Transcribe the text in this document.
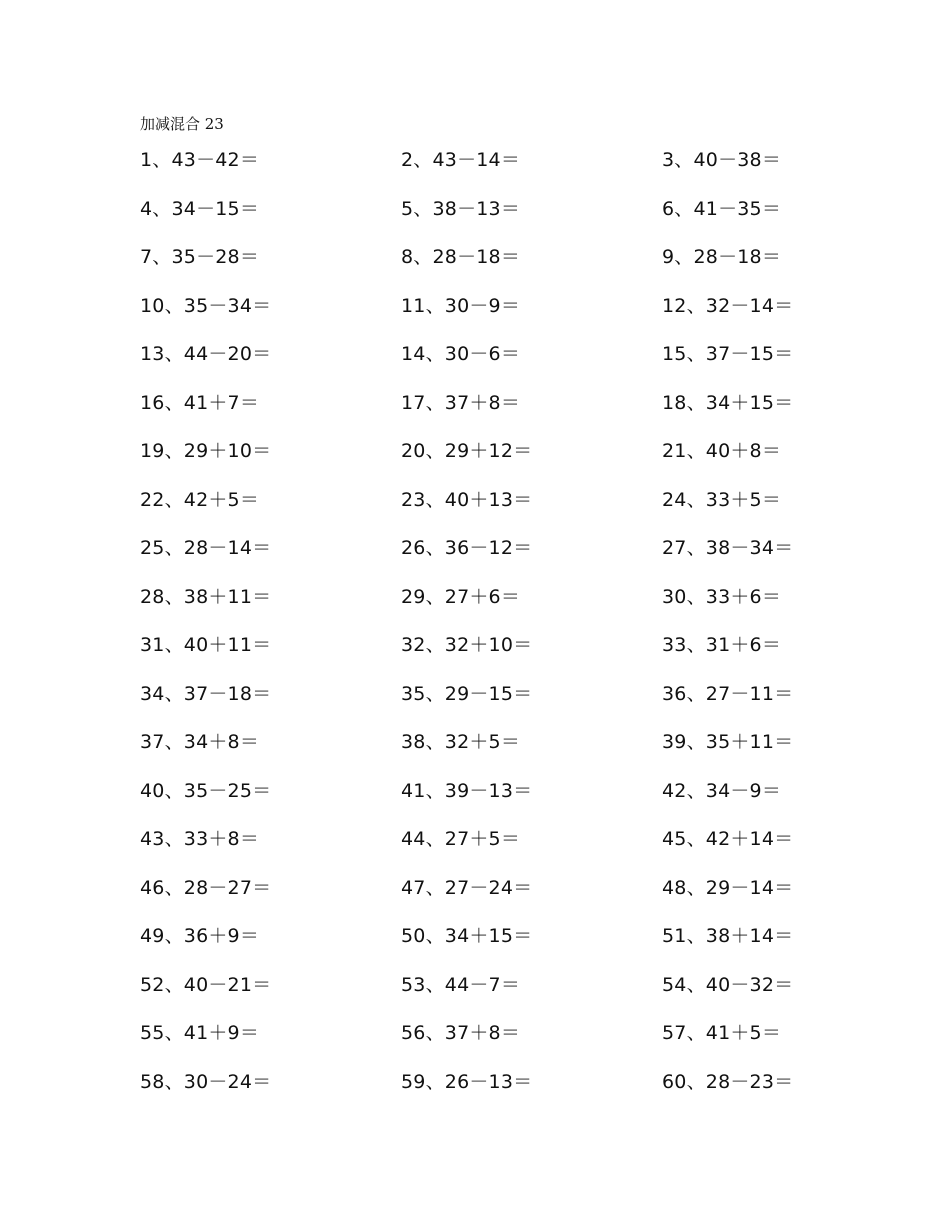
加减混合 23
1、43－42＝	2、43－14＝	3、40－38＝
4、34－15＝	5、38－13＝	6、41－35＝
7、35－28＝	8、28－18＝	9、28－18＝
10、35－34＝	11、30－9＝	12、32－14＝
13、44－20＝	14、30－6＝	15、37－15＝
16、41＋7＝	17、37＋8＝	18、34＋15＝
19、29＋10＝	20、29＋12＝	21、40＋8＝
22、42＋5＝	23、40＋13＝	24、33＋5＝
25、28－14＝	26、36－12＝	27、38－34＝
28、38＋11＝	29、27＋6＝	30、33＋6＝
31、40＋11＝	32、32＋10＝	33、31＋6＝
34、37－18＝	35、29－15＝	36、27－11＝
37、34＋8＝	38、32＋5＝	39、35＋11＝
40、35－25＝	41、39－13＝	42、34－9＝
43、33＋8＝	44、27＋5＝	45、42＋14＝
46、28－27＝	47、27－24＝	48、29－14＝
49、36＋9＝	50、34＋15＝	51、38＋14＝
52、40－21＝	53、44－7＝	54、40－32＝
55、41＋9＝	56、37＋8＝	57、41＋5＝
58、30－24＝	59、26－13＝	60、28－23＝
